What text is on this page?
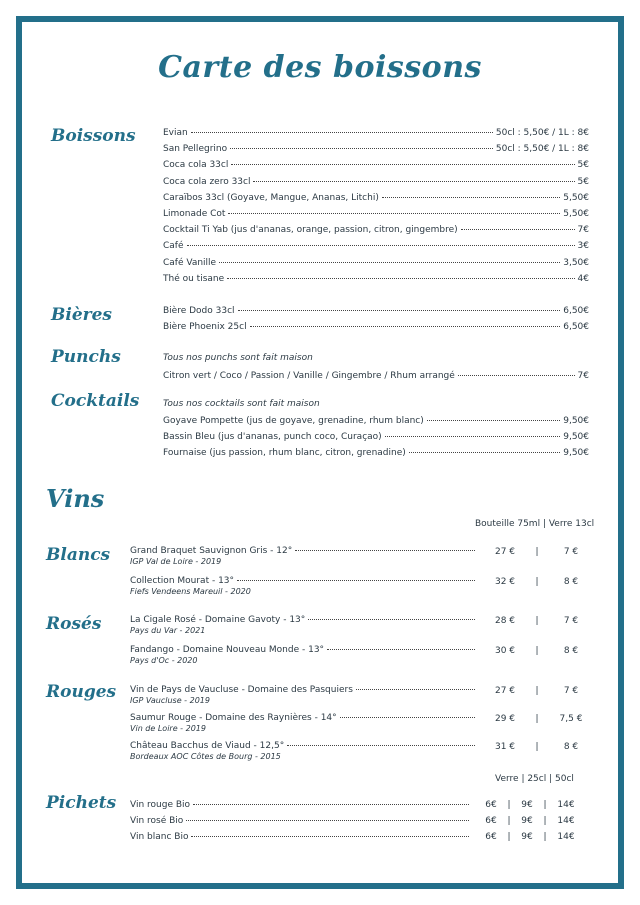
Carte des boissons
Boissons	Evian	50cl : 5,50€ / 1L : 8€
San Pellegrino	50cl : 5,50€ / 1L : 8€
Coca cola 33cl	5€
Coca cola zero 33cl	5€
Caraïbos 33cl (Goyave, Mangue, Ananas, Litchi)	5,50€
Limonade Cot	5,50€
Cocktail Ti Yab (jus d'ananas, orange, passion, citron, gingembre)	7€
Café	3€
Café Vanille	3,50€
Thé ou tisane	4€
Bières	Bière Dodo 33cl	6,50€
Bière Phoenix 25cl	6,50€
Punchs	Tous nos punchs sont fait maison
Citron vert / Coco / Passion / Vanille / Gingembre / Rhum arrangé	7€
Cocktails	Tous nos cocktails sont fait maison
Goyave Pompette (jus de goyave, grenadine, rhum blanc)	9,50€
Bassin Bleu (jus d'ananas, punch coco, Curaçao)	9,50€
Fournaise (jus passion, rhum blanc, citron, grenadine)	9,50€
Vins
Bouteille 75ml | Verre 13cl
Blancs
Rosés
Rouges
Grand Braquet Sauvignon Gris - 12°
IGP Val de Loire - 2019
27 €	|	7 €
Collection Mourat - 13°
Fiefs Vendeens Mareuil - 2020
32 €	|	8 €
La Cigale Rosé - Domaine Gavoty - 13°
Pays du Var - 2021
28 €	|	7 €
Fandango - Domaine Nouveau Monde - 13°
Pays d'Oc - 2020
30 €	|	8 €
Vin de Pays de Vaucluse - Domaine des Pasquiers
IGP Vaucluse - 2019
27 €	|	7 €
Saumur Rouge - Domaine des Raynières - 14°
Vin de Loire - 2019
29 €	|	7,5 €
Château Bacchus de Viaud - 12,5°
Bordeaux AOC Côtes de Bourg - 2015
31 €	|	8 €
Verre | 25cl | 50cl
Pichets Vin rouge Bio	6€	|	9€	|	14€
Vin rosé Bio	6€	|	9€	|	14€
Vin blanc Bio	6€	|	9€	|	14€
